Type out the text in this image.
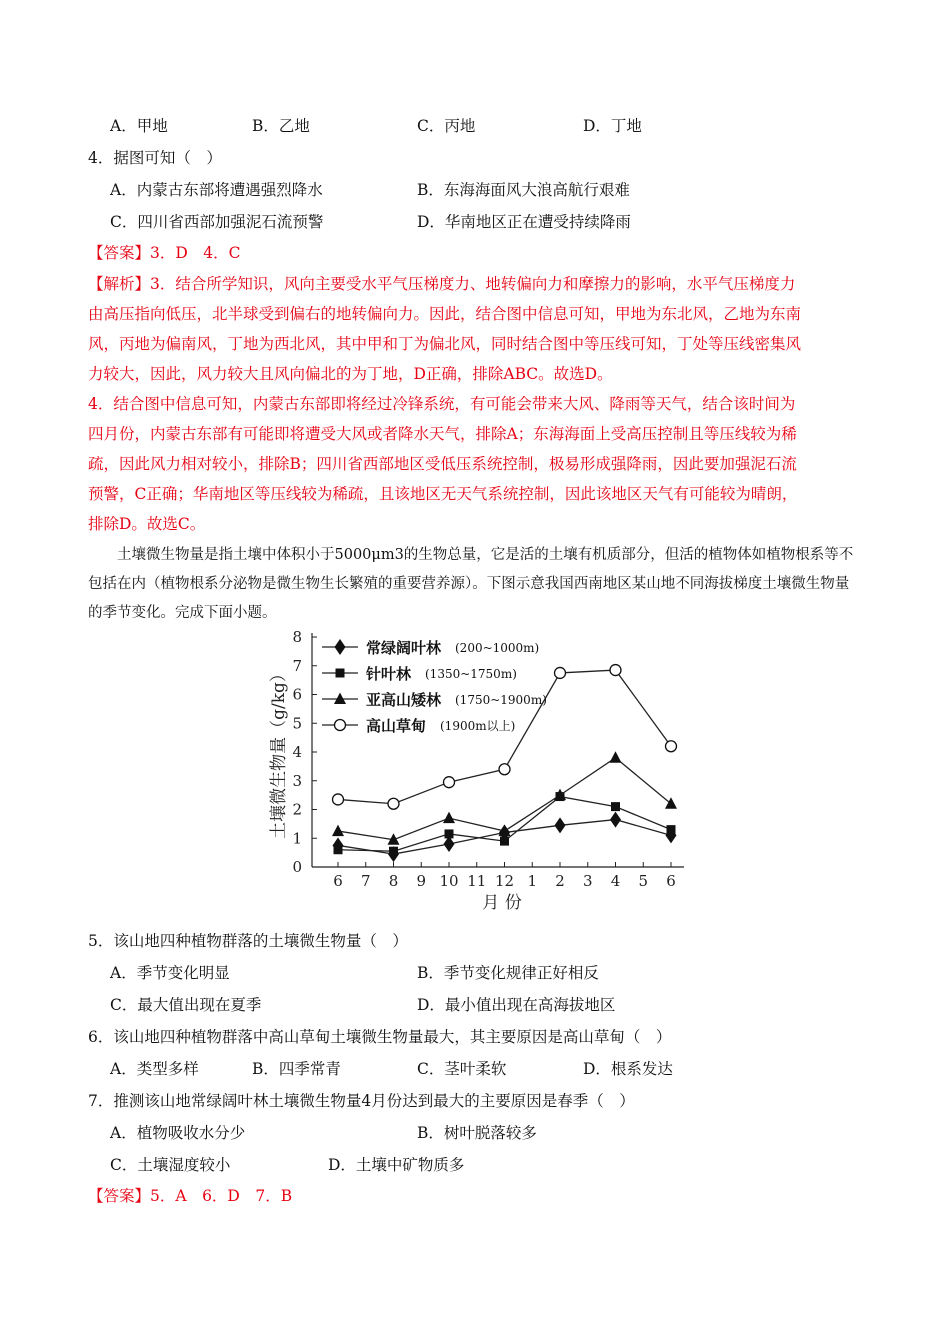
A．甲地	B．乙地	C．丙地	D．丁地
4．据图可知（　）
A．内蒙古东部将遭遇强烈降水	B．东海海面风大浪高航行艰难
C．四川省西部加强泥石流预警	D．华南地区正在遭受持续降雨
【答案】3．D　4．C
【解析】3．结合所学知识，风向主要受水平气压梯度力、地转偏向力和摩擦力的影响，水平气压梯度力
由高压指向低压，北半球受到偏右的地转偏向力。因此，结合图中信息可知，甲地为东北风，乙地为东南
风，丙地为偏南风，丁地为西北风，其中甲和丁为偏北风，同时结合图中等压线可知，丁处等压线密集风
力较大，因此，风力较大且风向偏北的为丁地，D正确，排除ABC。故选D。
4．结合图中信息可知，内蒙古东部即将经过冷锋系统，有可能会带来大风、降雨等天气，结合该时间为
四月份，内蒙古东部有可能即将遭受大风或者降水天气，排除A；东海海面上受高压控制且等压线较为稀
疏，因此风力相对较小，排除B；四川省西部地区受低压系统控制，极易形成强降雨，因此要加强泥石流
预警，C正确；华南地区等压线较为稀疏，且该地区无天气系统控制，因此该地区天气有可能较为晴朗，
排除D。故选C。
土壤微生物量是指土壤中体积小于5000μm3的生物总量，它是活的土壤有机质部分，但活的植物体如植物根系等不包括在内（植物根系分泌物是微生物生长繁殖的重要营养源）。下图示意我国西南地区某山地不同海拔梯度土壤微生物量的季节变化。完成下面小题。
0
1
2
3
4
5
6
7
8
6 7 8 9 10 11 12 1 2 3 4 5 6
月 份
土壤微生物量（g/kg）
常绿阔叶林 (200~1000m)
针叶林 (1350~1750m)
亚高山矮林 (1750~1900m)
高山草甸 (1900m以上)
5．该山地四种植物群落的土壤微生物量（　）
A．季节变化明显	B．季节变化规律正好相反
C．最大值出现在夏季	D．最小值出现在高海拔地区
6．该山地四种植物群落中高山草甸土壤微生物量最大，其主要原因是高山草甸（　）
A．类型多样	B．四季常青	C．茎叶柔软	D．根系发达
7．推测该山地常绿阔叶林土壤微生物量4月份达到最大的主要原因是春季（　）
A．植物吸收水分少	B．树叶脱落较多
C．土壤湿度较小	D．土壤中矿物质多
【答案】5．A　6．D　7．B
